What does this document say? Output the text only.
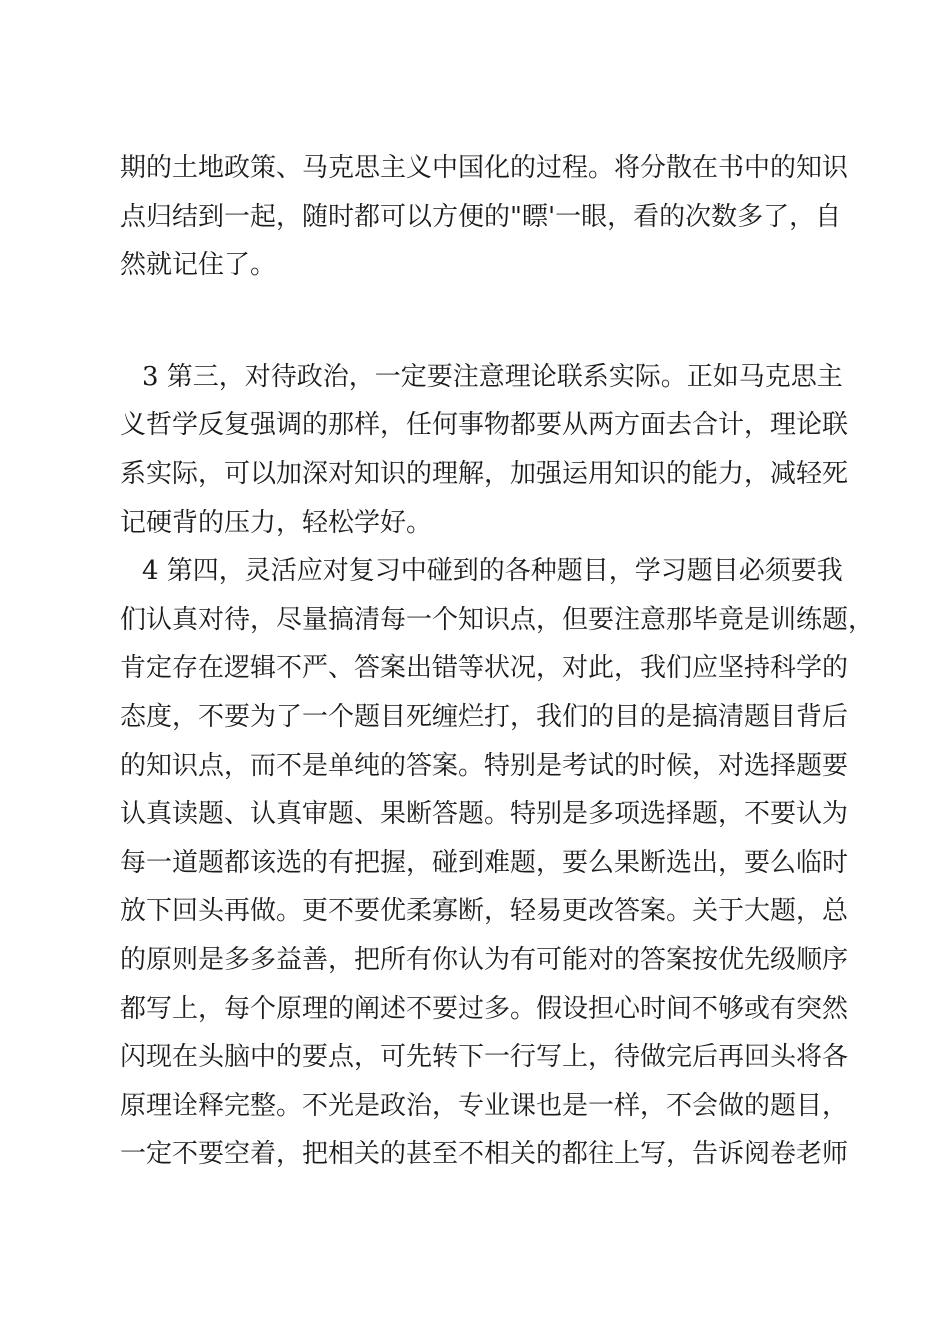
期的土地政策、马克思主义中国化的过程。将分散在书中的知识
点归结到一起，随时都可以方便的"瞟'一眼，看的次数多了，自
然就记住了。
3 第三，对待政治，一定要注意理论联系实际。正如马克思主
义哲学反复强调的那样，任何事物都要从两方面去合计，理论联
系实际，可以加深对知识的理解，加强运用知识的能力，减轻死
记硬背的压力，轻松学好。
4 第四，灵活应对复习中碰到的各种题目，学习题目必须要我
们认真对待，尽量搞清每一个知识点，但要注意那毕竟是训练题，
肯定存在逻辑不严、答案出错等状况，对此，我们应坚持科学的
态度，不要为了一个题目死缠烂打，我们的目的是搞清题目背后
的知识点，而不是单纯的答案。特别是考试的时候，对选择题要
认真读题、认真审题、果断答题。特别是多项选择题，不要认为
每一道题都该选的有把握，碰到难题，要么果断选出，要么临时
放下回头再做。更不要优柔寡断，轻易更改答案。关于大题，总
的原则是多多益善，把所有你认为有可能对的答案按优先级顺序
都写上，每个原理的阐述不要过多。假设担心时间不够或有突然
闪现在头脑中的要点，可先转下一行写上，待做完后再回头将各
原理诠释完整。不光是政治，专业课也是一样，不会做的题目，
一定不要空着，把相关的甚至不相关的都往上写，告诉阅卷老师
